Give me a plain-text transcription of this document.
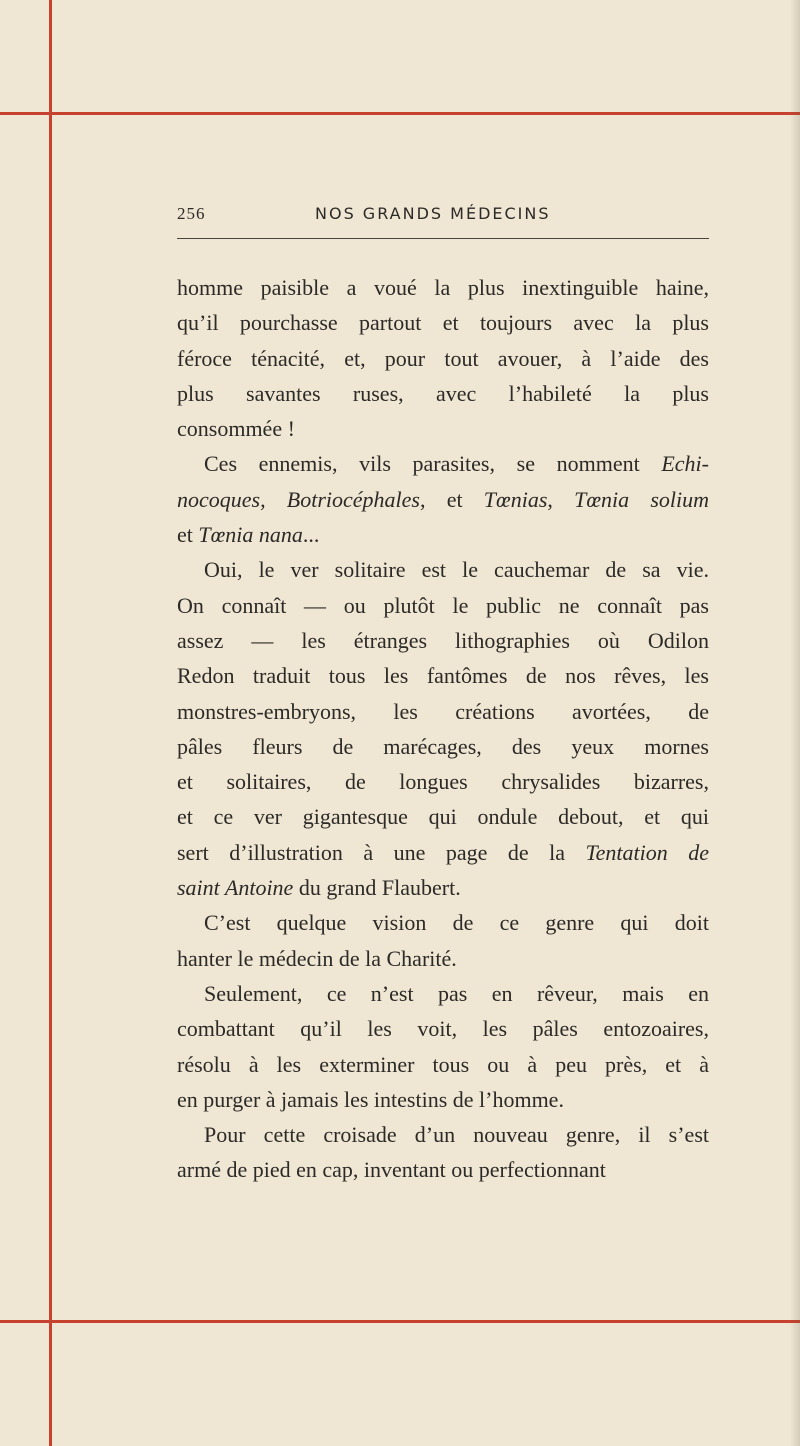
256	NOS GRANDS MÉDECINS
homme paisible a voué la plus inextinguible haine,
qu’il pourchasse partout et toujours avec la plus
féroce ténacité, et, pour tout avouer, à l’aide des
plus savantes ruses, avec l’habileté la plus
consommée !
Ces ennemis, vils parasites, se nomment Echi-
nocoques, Botriocéphales, et Tœnias, Tœnia solium
et Tœnia nana...
Oui, le ver solitaire est le cauchemar de sa vie.
On connaît — ou plutôt le public ne connaît pas
assez — les étranges lithographies où Odilon
Redon traduit tous les fantômes de nos rêves, les
monstres-embryons, les créations avortées, de
pâles fleurs de marécages, des yeux mornes
et solitaires, de longues chrysalides bizarres,
et ce ver gigantesque qui ondule debout, et qui
sert d’illustration à une page de la Tentation de
saint Antoine du grand Flaubert.
C’est quelque vision de ce genre qui doit
hanter le médecin de la Charité.
Seulement, ce n’est pas en rêveur, mais en
combattant qu’il les voit, les pâles entozoaires,
résolu à les exterminer tous ou à peu près, et à
en purger à jamais les intestins de l’homme.
Pour cette croisade d’un nouveau genre, il s’est
armé de pied en cap, inventant ou perfectionnant
